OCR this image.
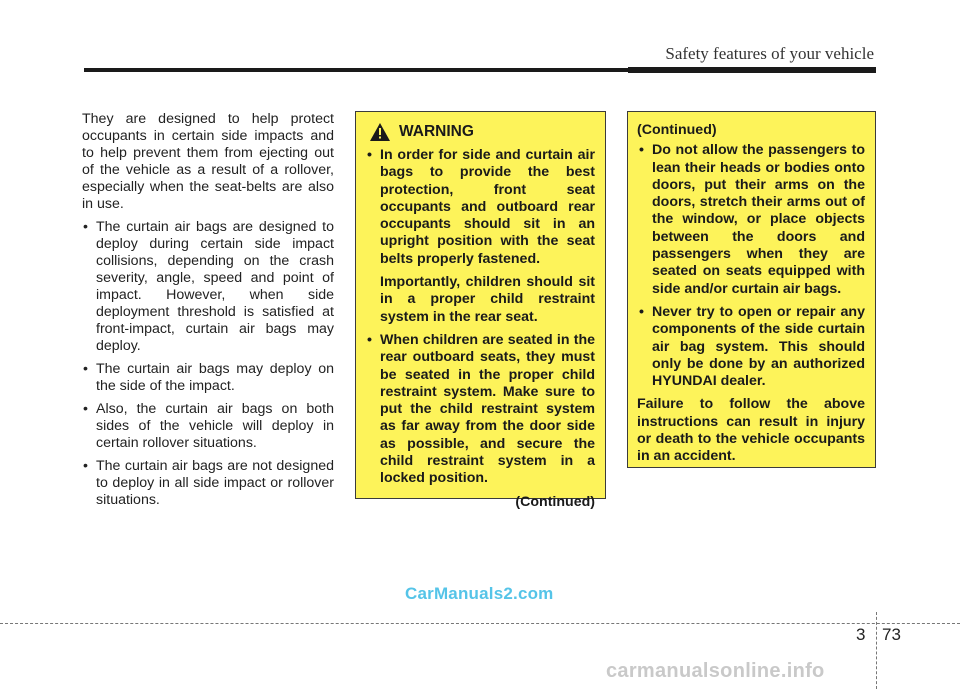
Safety features of your vehicle

They are designed to help protect occupants in certain side impacts and to help prevent them from ejecting out of the vehicle as a result of a rollover, especially when the seat-belts are also in use.

• The curtain air bags are designed to deploy during certain side impact collisions, depending on the crash severity, angle, speed and point of impact. However, when side deployment threshold is satisfied at front-impact, curtain air bags may deploy.
• The curtain air bags may deploy on the side of the impact.
• Also, the curtain air bags on both sides of the vehicle will deploy in certain rollover situations.
• The curtain air bags are not designed to deploy in all side impact or rollover situations.
WARNING
• In order for side and curtain air bags to provide the best protection, front seat occupants and outboard rear occupants should sit in an upright position with the seat belts properly fastened.
Importantly, children should sit in a proper child restraint system in the rear seat.
• When children are seated in the rear outboard seats, they must be seated in the proper child restraint system. Make sure to put the child restraint system as far away from the door side as possible, and secure the child restraint system in a locked position.
(Continued)
(Continued)
• Do not allow the passengers to lean their heads or bodies onto doors, put their arms on the doors, stretch their arms out of the window, or place objects between the doors and passengers when they are seated on seats equipped with side and/or curtain air bags.
• Never try to open or repair any components of the side curtain air bag system. This should only be done by an authorized HYUNDAI dealer.
Failure to follow the above instructions can result in injury or death to the vehicle occupants in an accident.
CarManuals2.com
3 73
carmanualsonline.info
